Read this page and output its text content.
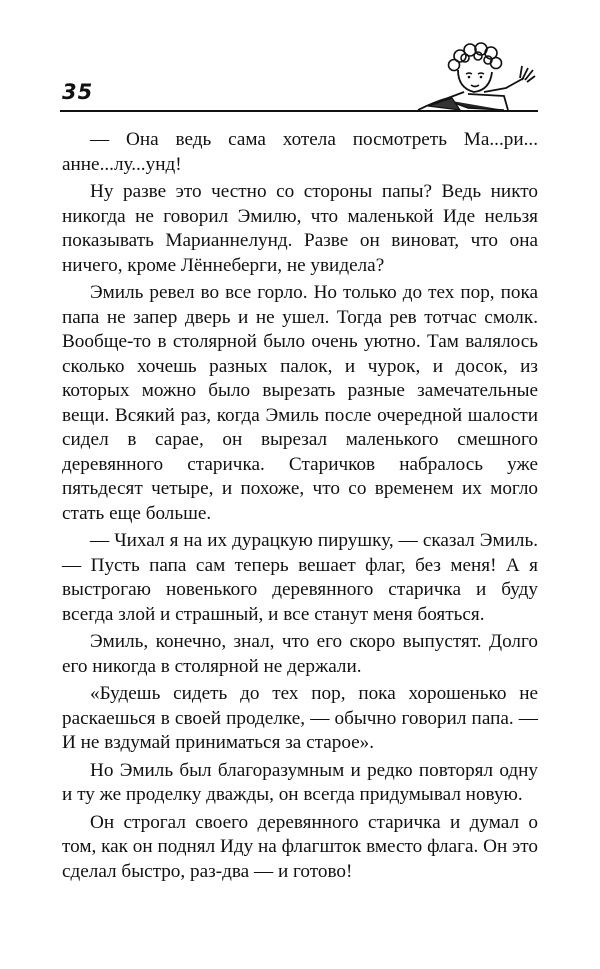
35

— Она ведь сама хотела посмотреть Ма...ри... анне...лу...унд!

Ну разве это честно со стороны папы? Ведь никто никогда не говорил Эмилю, что маленькой Иде нельзя показывать Марианнелунд. Разве он виноват, что она ничего, кроме Лённеберги, не увидела?

Эмиль ревел во все горло. Но только до тех пор, пока папа не запер дверь и не ушел. Тогда рев тотчас смолк. Вообще-то в столярной было очень уютно. Там валялось сколько хочешь разных палок, и чурок, и досок, из которых можно было вырезать разные замечательные вещи. Всякий раз, когда Эмиль после очередной шалости сидел в сарае, он вырезал маленького смешного деревянного старичка. Старичков набралось уже пятьдесят четыре, и похоже, что со временем их могло стать еще больше.

— Чихал я на их дурацкую пирушку, — сказал Эмиль. — Пусть папа сам теперь вешает флаг, без меня! А я выстрогаю новенького деревянного старичка и буду всегда злой и страшный, и все станут меня бояться.

Эмиль, конечно, знал, что его скоро выпустят. Долго его никогда в столярной не держали.

«Будешь сидеть до тех пор, пока хорошенько не раскаешься в своей проделке, — обычно говорил папа. — И не вздумай приниматься за старое».

Но Эмиль был благоразумным и редко повторял одну и ту же проделку дважды, он всегда придумывал новую.

Он строгал своего деревянного старичка и думал о том, как он поднял Иду на флагшток вместо флага. Он это сделал быстро, раз-два — и готово!
